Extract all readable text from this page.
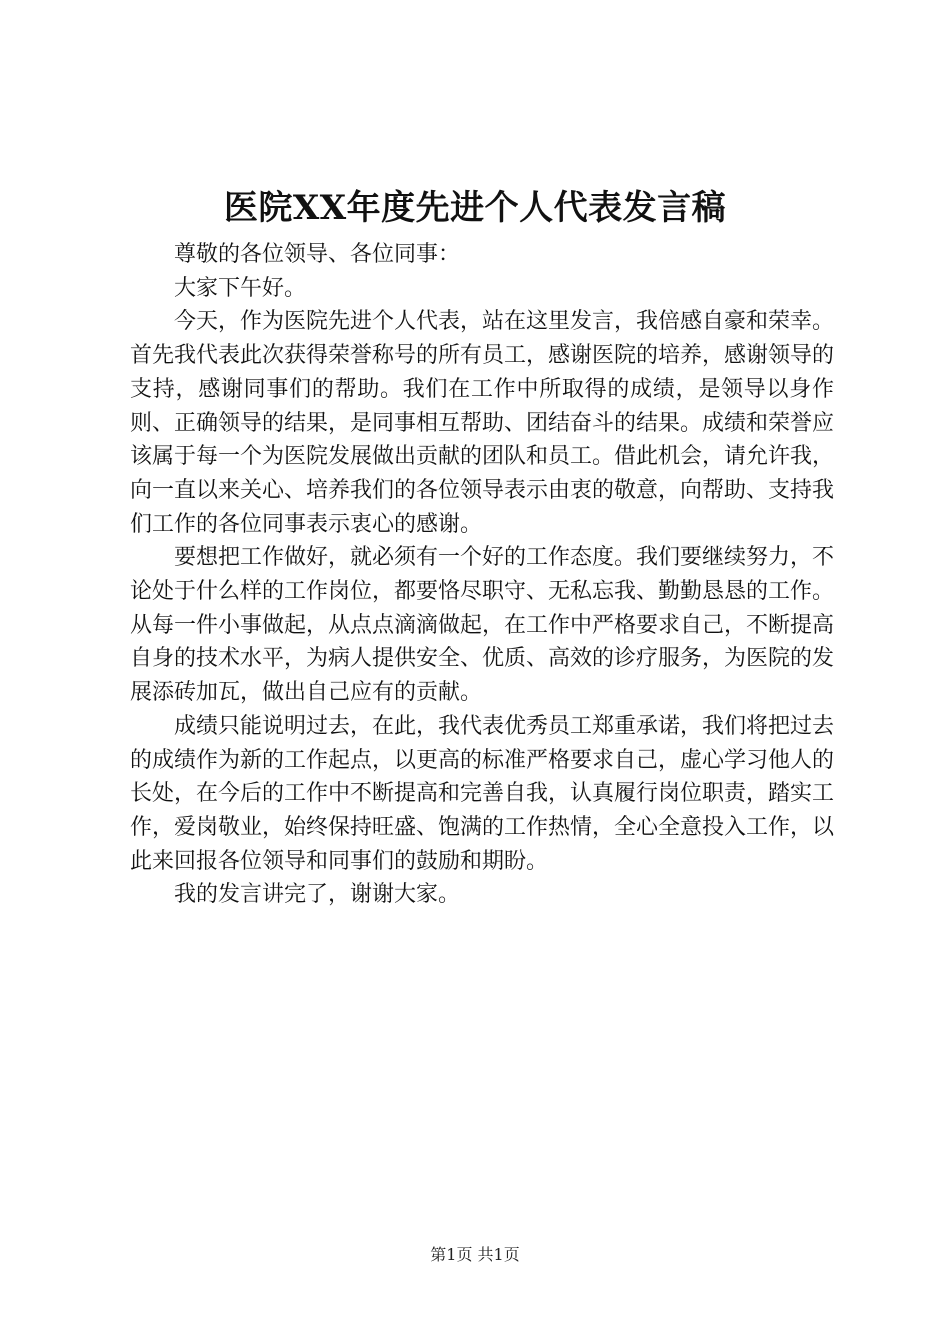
医院XX年度先进个人代表发言稿

尊敬的各位领导、各位同事：

大家下午好。

今天，作为医院先进个人代表，站在这里发言，我倍感自豪和荣幸。首先我代表此次获得荣誉称号的所有员工，感谢医院的培养，感谢领导的支持，感谢同事们的帮助。我们在工作中所取得的成绩，是领导以身作则、正确领导的结果，是同事相互帮助、团结奋斗的结果。成绩和荣誉应该属于每一个为医院发展做出贡献的团队和员工。借此机会，请允许我，向一直以来关心、培养我们的各位领导表示由衷的敬意，向帮助、支持我们工作的各位同事表示衷心的感谢。

要想把工作做好，就必须有一个好的工作态度。我们要继续努力，不论处于什么样的工作岗位，都要恪尽职守、无私忘我、勤勤恳恳的工作。从每一件小事做起，从点点滴滴做起，在工作中严格要求自己，不断提高自身的技术水平，为病人提供安全、优质、高效的诊疗服务，为医院的发展添砖加瓦，做出自己应有的贡献。

成绩只能说明过去，在此，我代表优秀员工郑重承诺，我们将把过去的成绩作为新的工作起点，以更高的标准严格要求自己，虚心学习他人的长处，在今后的工作中不断提高和完善自我，认真履行岗位职责，踏实工作，爱岗敬业，始终保持旺盛、饱满的工作热情，全心全意投入工作，以此来回报各位领导和同事们的鼓励和期盼。

我的发言讲完了，谢谢大家。

第1页 共1页
